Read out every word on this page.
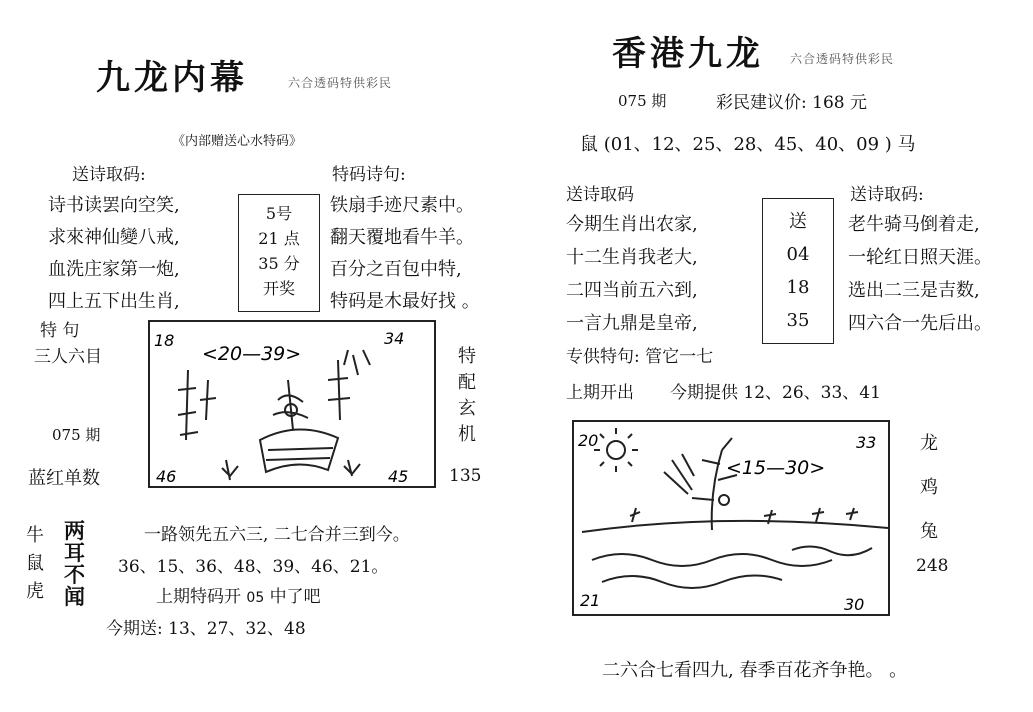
九龙内幕	六合透码特供彩民
《内部赠送心水特码》
送诗取码:	特码诗句:
诗书读罢向空笑,
求來神仙變八戒,
血洗庄家第一炮,
四上五下出生肖,
5号
21 点
35 分
开奖
铁扇手迹尺素中。
翻天覆地看牛羊。
百分之百包中特,
特码是木最好找 。
特 句
三人六目
075 期
蓝红单数
18	34
46	45
<20—39>	特
配
玄
机
135
牛
鼠
虎
两耳不闻
一路领先五六三, 二七合并三到今。
36、15、36、48、39、46、21。
上期特码开 05 中了吧
今期送: 13、27、32、48
香港九龙 六合透码特供彩民
075 期	彩民建议价: 168 元
鼠 (01、12、25、28、45、40、09 ) 马
送诗取码	送诗取码:
今期生肖出农家,
十二生肖我老大,
二四当前五六到,
一言九鼎是皇帝,
送
04
18
35
老牛骑马倒着走,
一轮红日照天涯。
选出二三是吉数,
四六合一先后出。
专供特句: 管它一七
上期开出 今期提供 12、26、33、41
20	33
21	30
<15—30>
龙
鸡
兔
248
二六合七看四九, 春季百花齐争艳。 。
